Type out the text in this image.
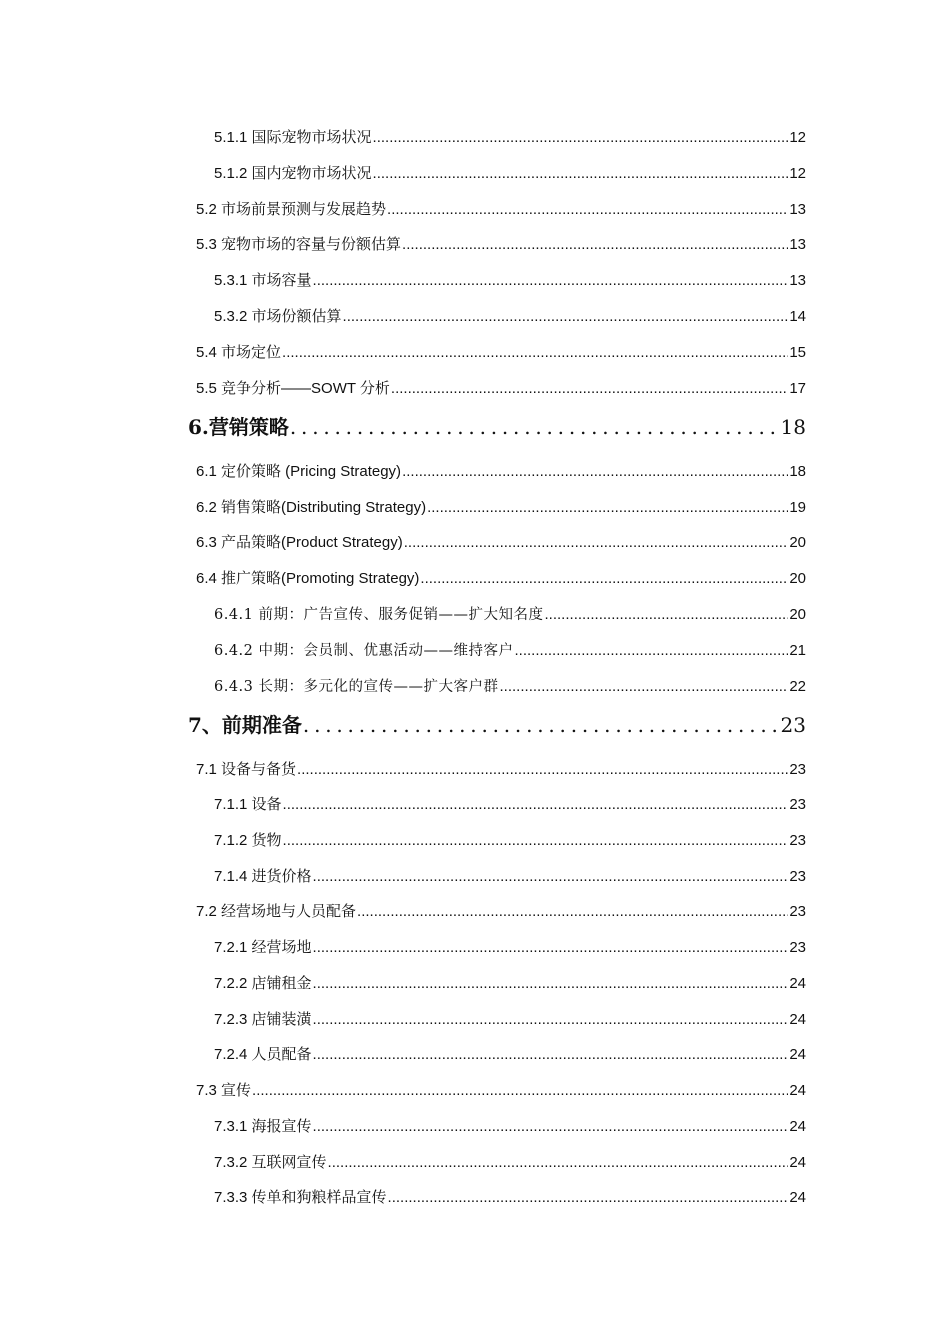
5.1.1 国际宠物市场状况 .....	12
5.1.2 国内宠物市场状况 .....	12
5.2 市场前景预测与发展趋势 .....	13
5.3 宠物市场的容量与份额估算 .....	13
5.3.1 市场容量 .....	13
5.3.2 市场份额估算 .....	14
5.4 市场定位 .....	15
5.5 竞争分析——SOWT 分析 .....	17
6.营销策略 .....	18
6.1 定价策略 (Pricing Strategy) .....	18
6.2 销售策略(Distributing Strategy) .....	19
6.3 产品策略(Product Strategy) .....	20
6.4 推广策略(Promoting Strategy) .....	20
6.4.1 前期：广告宣传、服务促销——扩大知名度 .....	20
6.4.2 中期：会员制、优惠活动——维持客户 .....	21
6.4.3 长期：多元化的宣传——扩大客户群 .....	22
7、前期准备 .....	23
7.1 设备与备货 .....	23
7.1.1 设备 .....	23
7.1.2 货物 .....	23
7.1.4 进货价格 .....	23
7.2 经营场地与人员配备 .....	23
7.2.1 经营场地 .....	23
7.2.2 店铺租金 .....	24
7.2.3 店铺装潢 .....	24
7.2.4 人员配备 .....	24
7.3 宣传 .....	24
7.3.1 海报宣传 .....	24
7.3.2 互联网宣传 .....	24
7.3.3 传单和狗粮样品宣传 .....	24
